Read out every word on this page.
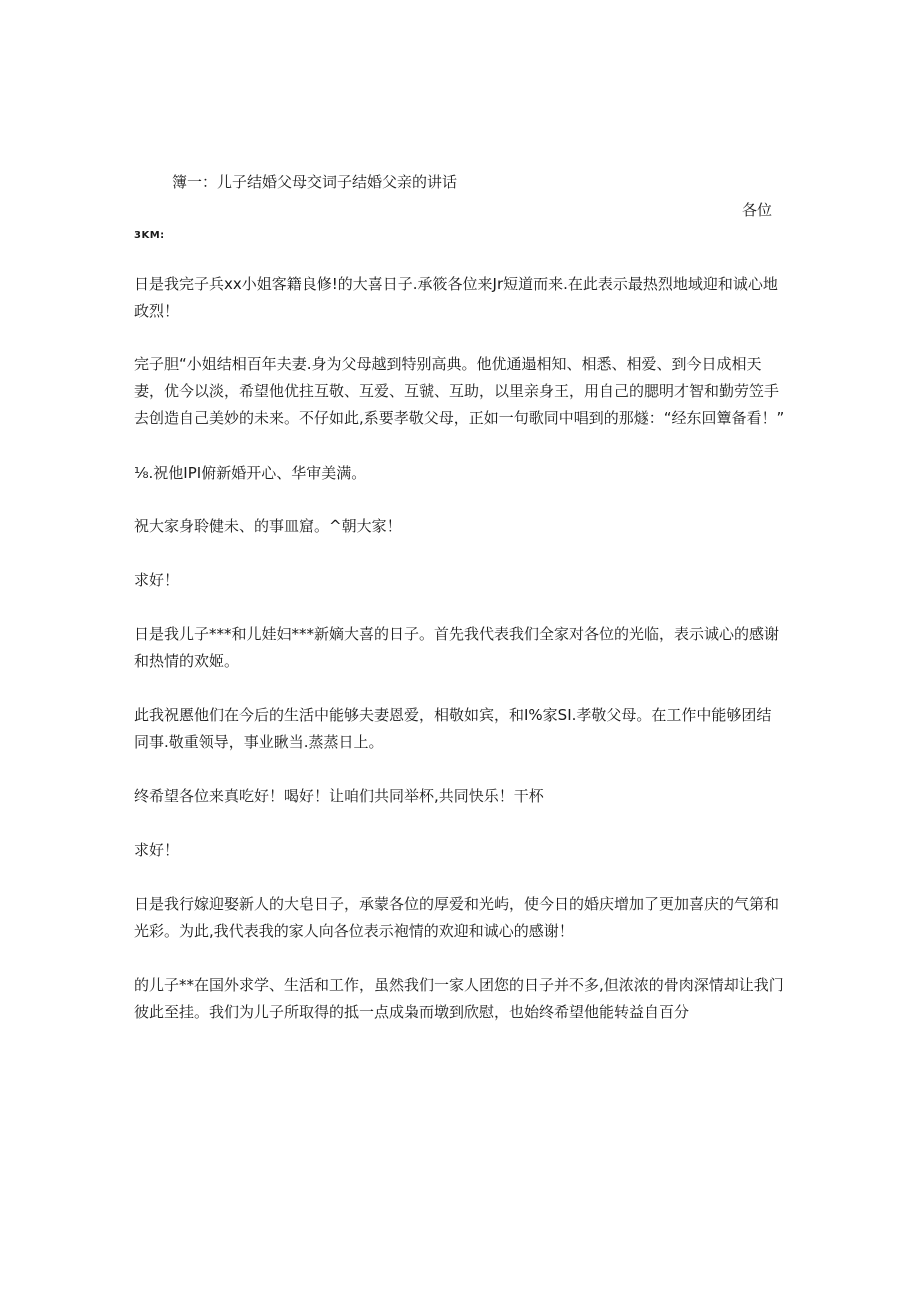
簿一：儿子结婚父母交词子结婚父亲的讲话
各位
3KM:
日是我完子兵xx小姐客籍良修!的大喜日子.承筱各位来Jr短道而来.在此表示最热烈地域迎和诚心地政烈！
完子胆“小姐结相百年夫妻.身为父母越到特别高典。他优通遢相知、相悉、相爱、到今日成相天妻，优今以淡，希望他优拄互敬、互爱、互虢、互助，以里亲身王，用自己的腮明才智和勤劳笠手去创造自己美妙的未来。不仔如此,系要孝敬父母，正如一句歌同中唱到的那燧：“经东回簟备看！”
⅛.祝他IPI俯新婚开心、华审美满。
祝大家身聆健未、的事皿窟。^朝大家！
求好！
日是我儿子***和儿娃妇***新嫡大喜的日子。首先我代表我们全家对各位的光临，表示诚心的感谢和热情的欢姬。
此我祝慝他们在今后的生活中能够夫妻恩爱，相敬如宾，和I%家SI.孝敬父母。在工作中能够团结同事.敬重领导，事业瞅当.蒸蒸日上。
终希望各位来真吃好！喝好！让咱们共同举杯,共同快乐！干杯
求好！
日是我行嫁迎娶新人的大皂日子，承蒙各位的厚爱和光屿，使今日的婚庆增加了更加喜庆的气第和光彩。为此,我代表我的家人向各位表示袍情的欢迎和诚心的感谢！
的儿子**在国外求学、生活和工作，虽然我们一家人团您的日子并不多,但浓浓的骨肉深情却让我门彼此至挂。我们为儿子所取得的抵一点成枭而墩到欣慰，也始终希望他能转益自百分
